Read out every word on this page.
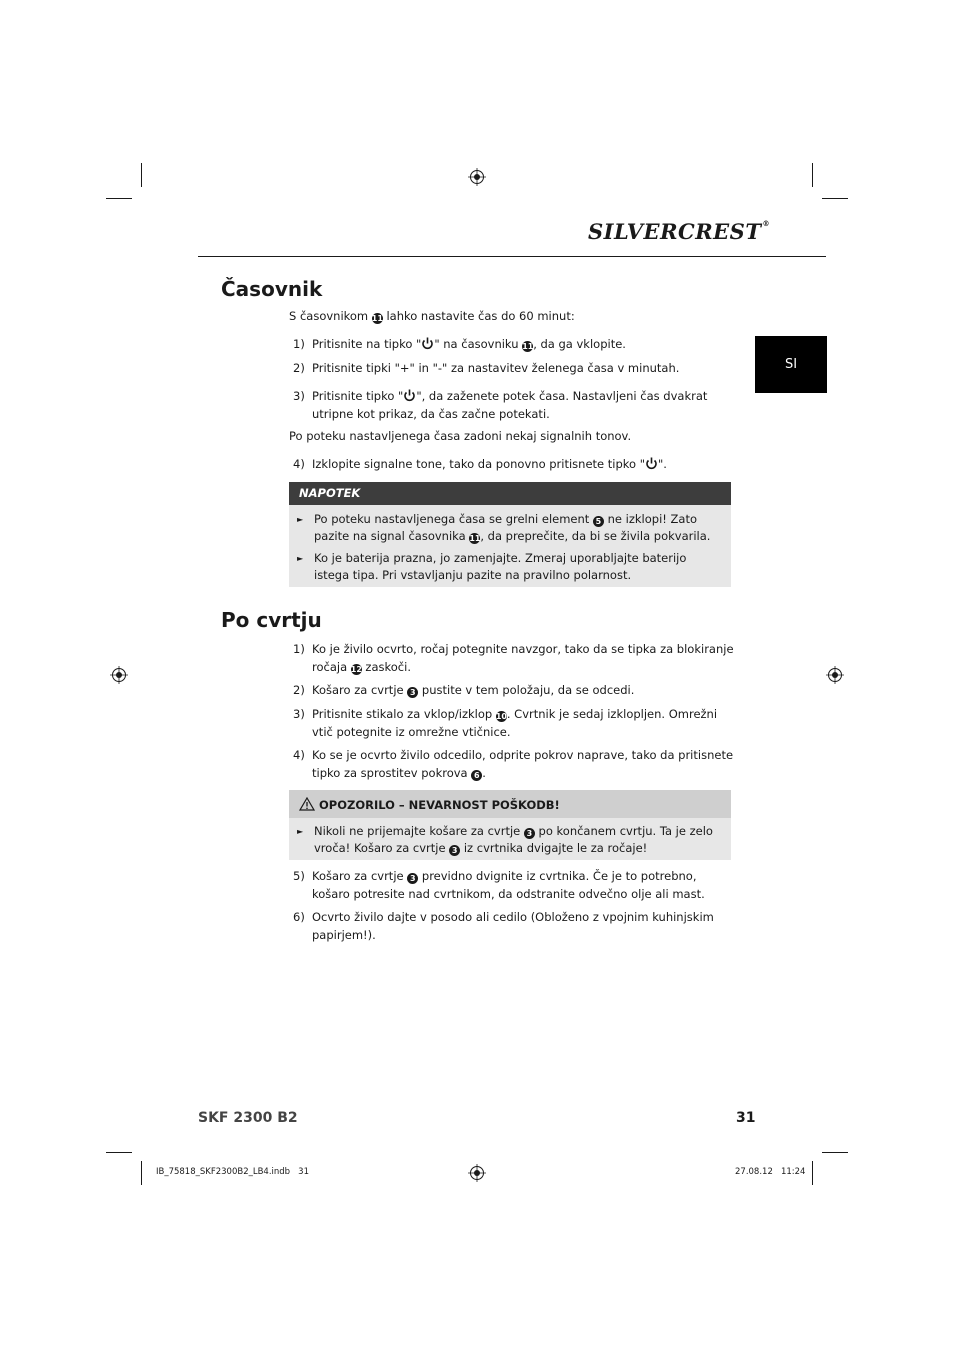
SILVERCREST®
SI
Časovnik
S časovnikom 11 lahko nastavite čas do 60 minut:
1) Pritisnite na tipko " " na časovniku 11, da ga vklopite.
2) Pritisnite tipki "+" in "-" za nastavitev želenega časa v minutah.
3) Pritisnite tipko " ", da zaženete potek časa. Nastavljeni čas dvakrat utripne kot prikaz, da čas začne potekati.
Po poteku nastavljenega časa zadoni nekaj signalnih tonov.
4) Izklopite signalne tone, tako da ponovno pritisnete tipko " ".
NAPOTEK
► Po poteku nastavljenega časa se grelni element 5 ne izklopi! Zato pazite na signal časovnika 11, da preprečite, da bi se živila pokvarila.
► Ko je baterija prazna, jo zamenjajte. Zmeraj uporabljajte baterijo istega tipa. Pri vstavljanju pazite na pravilno polarnost.
Po cvrtju
1) Ko je živilo ocvrto, ročaj potegnite navzgor, tako da se tipka za blokiranje ročaja 12 zaskoči.
2) Košaro za cvrtje 3 pustite v tem položaju, da se odcedi.
3) Pritisnite stikalo za vklop/izklop 10. Cvrtnik je sedaj izklopljen. Omrežni vtič potegnite iz omrežne vtičnice.
4) Ko se je ocvrto živilo odcedilo, odprite pokrov naprave, tako da pritisnete tipko za sprostitev pokrova 6 .
OPOZORILO – NEVARNOST POŠKODB!
► Nikoli ne prijemajte košare za cvrtje 3 po končanem cvrtju. Ta je zelo vroča! Košaro za cvrtje 3 iz cvrtnika dvigajte le za ročaje!
5) Košaro za cvrtje 3 previdno dvignite iz cvrtnika. Če je to potrebno, košaro potresite nad cvrtnikom, da odstranite odvečno olje ali mast.
6) Ocvrto živilo dajte v posodo ali cedilo (Obloženo z vpojnim kuhinjskim papirjem!).
SKF 2300 B2	31
IB_75818_SKF2300B2_LB4.indb   31	27.08.12   11:24
